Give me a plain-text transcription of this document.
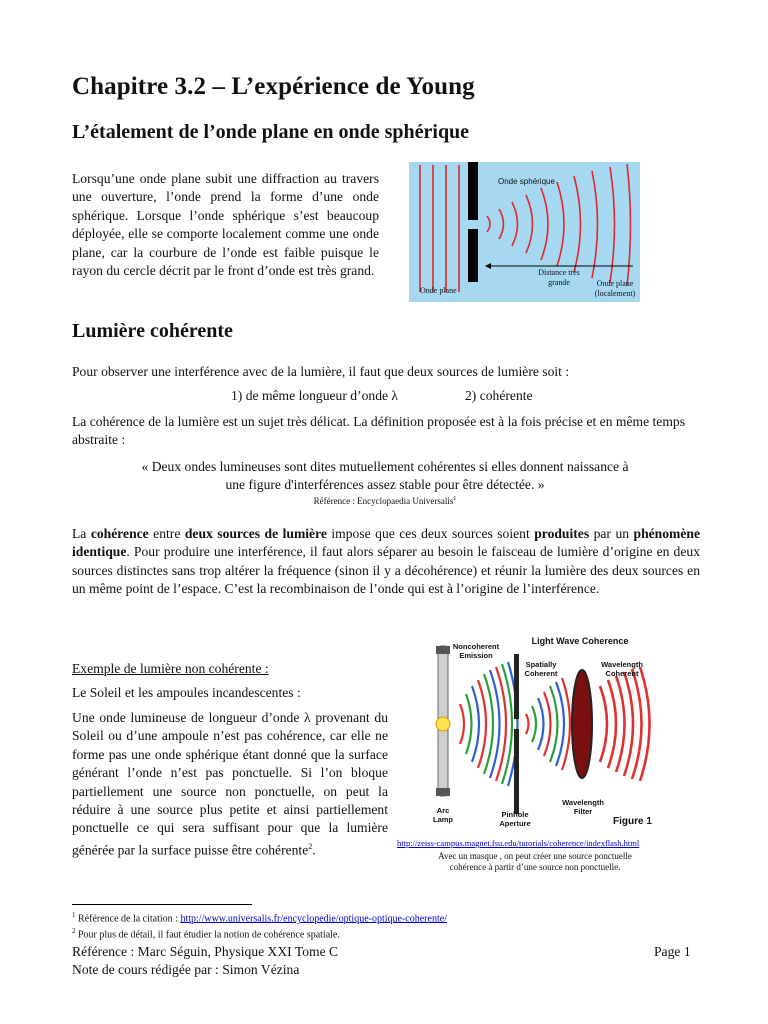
Chapitre 3.2 – L’expérience de Young
L’étalement de l’onde plane en onde sphérique

Lorsqu’une onde plane subit une diffraction au travers une ouverture, l’onde prend la forme d’une onde sphérique. Lorsque l’onde sphérique s’est beaucoup déployée, elle se comporte localement comme une onde plane, car la courbure de l’onde est faible puisque le rayon du cercle décrit par le front d’onde est très grand.

Onde sphérique
Distance très
grande
Onde plane
Onde plane
(localement)
Lumière cohérente

Pour observer une interférence avec de la lumière, il faut que deux sources de lumière soit :

1) de même longueur d’onde λ	2) cohérente

La cohérence de la lumière est un sujet très délicat. La définition proposée est à la fois précise et en même temps abstraite :

« Deux ondes lumineuses sont dites mutuellement cohérentes si elles donnent naissance à
une figure d'interférences assez stable pour être détectée. »
Référence : Encyclopaedia Universalis$^1$

La cohérence entre deux sources de lumière impose que ces deux sources soient produites par un phénomène identique. Pour produire une interférence, il faut alors séparer au besoin le faisceau de lumière d’origine en deux sources distinctes sans trop altérer la fréquence (sinon il y a décohérence) et réunir la lumière des deux sources en un même point de l’espace. C’est la recombinaison de l’onde qui est à l’origine de l’interférence.

Exemple de lumière non cohérente :
Le Soleil et les ampoules incandescentes :

Une onde lumineuse de longueur d’onde λ provenant du Soleil ou d’une ampoule n’est pas cohérence, car elle ne forme pas une onde sphérique étant donné que la surface générant l’onde n’est pas ponctuelle. Si l’on bloque partiellement une source non ponctuelle, on peut la réduire à une source plus petite et ainsi partiellement ponctuelle ce qui sera suffisant pour que la lumière générée par la surface puisse être cohérente$^2$.

Light Wave Coherence
Noncoherent
Emission
Spatially
Coherent
Wavelength
Coherent
Arc
Lamp
Pinhole
Aperture
Wavelength
Filter
Figure 1
http://zeiss-campus.magnet.fsu.edu/tutorials/coherence/indexflash.html
Avec un masque , on peut créer une source ponctuelle
cohérence à partir d’une source non ponctuelle.
$^1$ Référence de la citation : http://www.universalis.fr/encyclopedie/optique-optique-coherente/
$^2$ Pour plus de détail, il faut étudier la notion de cohérence spatiale.
Référence : Marc Séguin, Physique XXI Tome C	Page 1
Note de cours rédigée par : Simon Vézina
